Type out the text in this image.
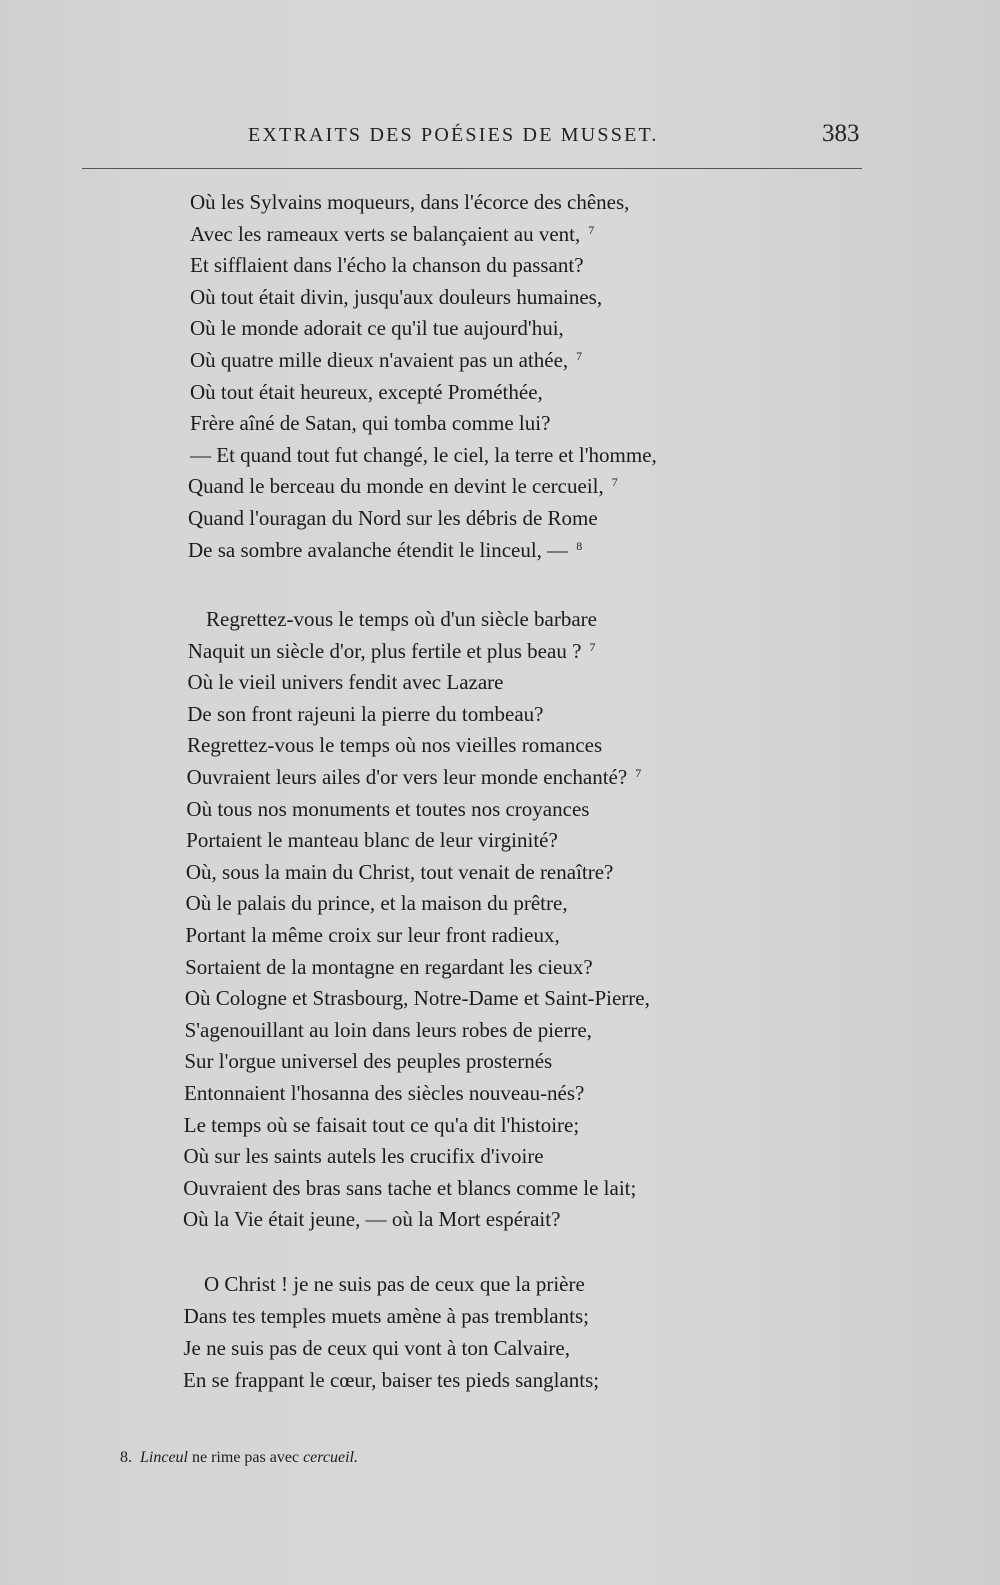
EXTRAITS DES POÉSIES DE MUSSET.	383
Où les Sylvains moqueurs, dans l'écorce des chênes,
Avec les rameaux verts se balançaient au vent, $^7$
Et sifflaient dans l'écho la chanson du passant?
Où tout était divin, jusqu'aux douleurs humaines,
Où le monde adorait ce qu'il tue aujourd'hui,
Où quatre mille dieux n'avaient pas un athée, $^7$
Où tout était heureux, excepté Prométhée,
Frère aîné de Satan, qui tomba comme lui?
— Et quand tout fut changé, le ciel, la terre et l'homme,
Quand le berceau du monde en devint le cercueil, $^7$
Quand l'ouragan du Nord sur les débris de Rome
De sa sombre avalanche étendit le linceul, — $^8$
Regrettez-vous le temps où d'un siècle barbare
Naquit un siècle d'or, plus fertile et plus beau ? $^7$
Où le vieil univers fendit avec Lazare
De son front rajeuni la pierre du tombeau?
Regrettez-vous le temps où nos vieilles romances
Ouvraient leurs ailes d'or vers leur monde enchanté? $^7$
Où tous nos monuments et toutes nos croyances
Portaient le manteau blanc de leur virginité?
Où, sous la main du Christ, tout venait de renaître?
Où le palais du prince, et la maison du prêtre,
Portant la même croix sur leur front radieux,
Sortaient de la montagne en regardant les cieux?
Où Cologne et Strasbourg, Notre-Dame et Saint-Pierre,
S'agenouillant au loin dans leurs robes de pierre,
Sur l'orgue universel des peuples prosternés
Entonnaient l'hosanna des siècles nouveau-nés?
Le temps où se faisait tout ce qu'a dit l'histoire;
Où sur les saints autels les crucifix d'ivoire
Ouvraient des bras sans tache et blancs comme le lait;
Où la Vie était jeune, — où la Mort espérait?
O Christ ! je ne suis pas de ceux que la prière
Dans tes temples muets amène à pas tremblants;
Je ne suis pas de ceux qui vont à ton Calvaire,
En se frappant le cœur, baiser tes pieds sanglants;
8. Linceul ne rime pas avec cercueil.
